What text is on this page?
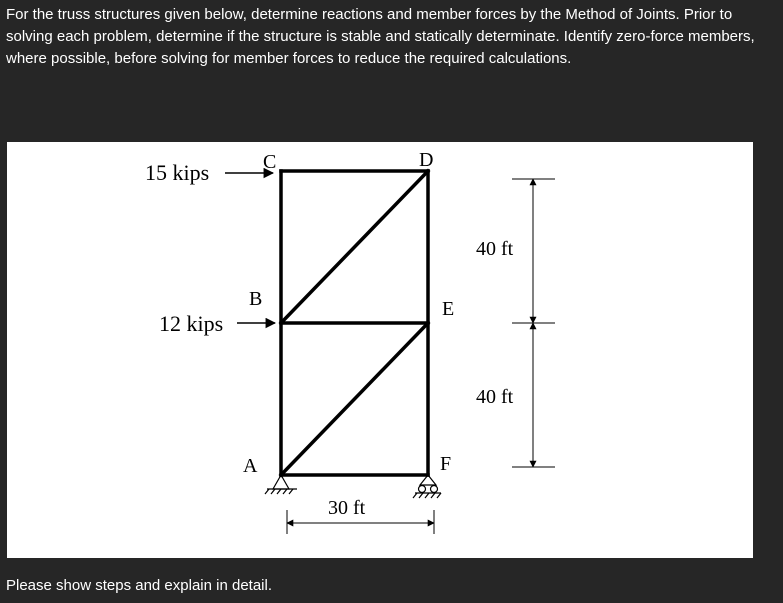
For the truss structures given below, determine reactions and member forces by the Method of Joints. Prior to solving each problem, determine if the structure is stable and statically determinate. Identify zero-force members, where possible, before solving for member forces to reduce the required calculations.

C	D
B	E
A	F
15 kips
12 kips
30 ft
40 ft
40 ft

Please show steps and explain in detail.
